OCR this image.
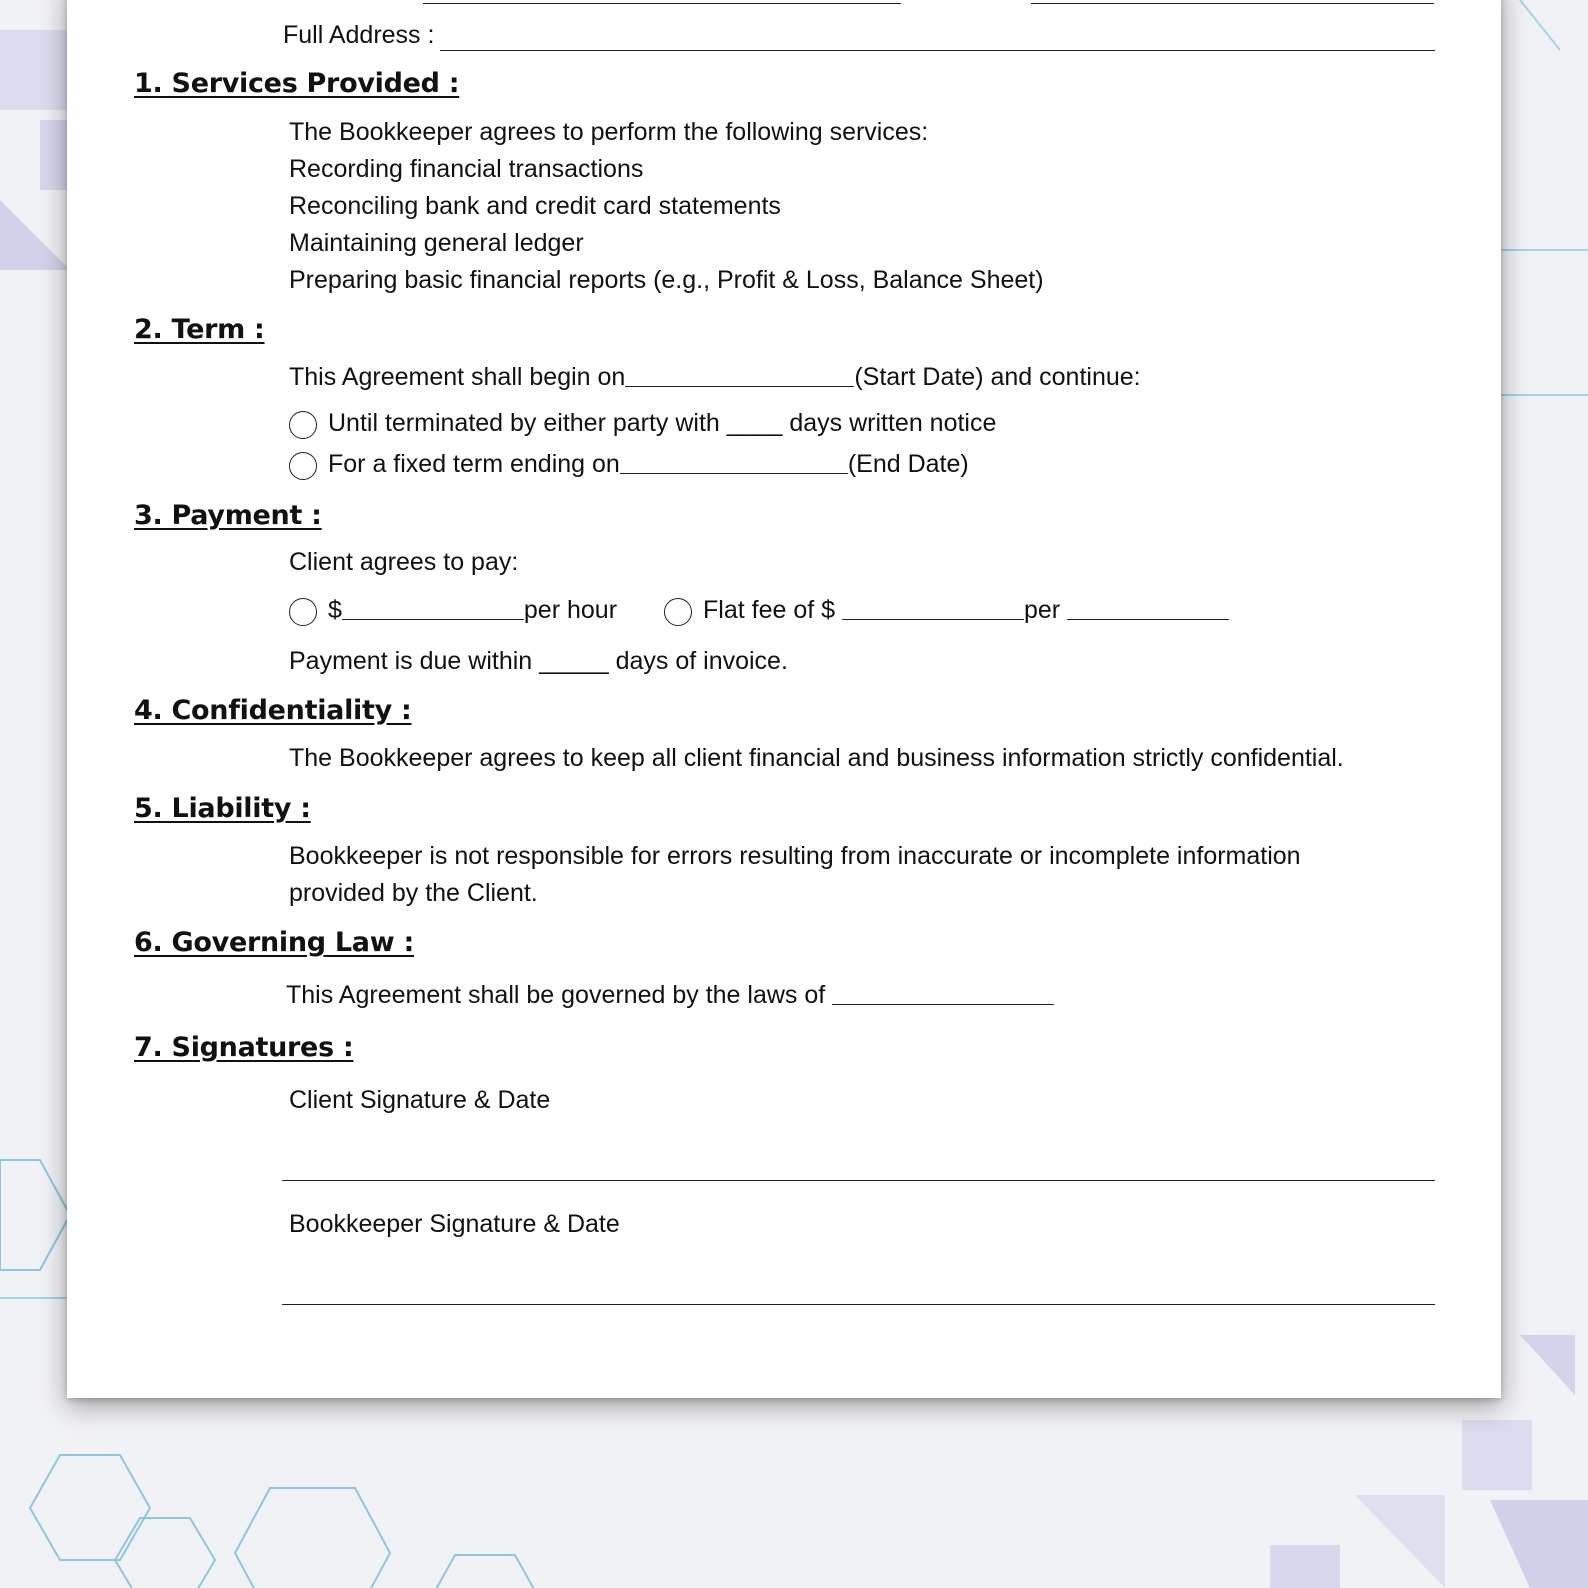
Full Address :
1. Services Provided :
The Bookkeeper agrees to perform the following services:
Recording financial transactions
Reconciling bank and credit card statements
Maintaining general ledger
Preparing basic financial reports (e.g., Profit & Loss, Balance Sheet)
2. Term :
This Agreement shall begin on	(Start Date) and continue:
Until terminated by either party with ____ days written notice
For a fixed term ending on	(End Date)
3. Payment :
Client agrees to pay:
$	per hour	Flat fee of $	per
Payment is due within _____ days of invoice.
4. Confidentiality :
The Bookkeeper agrees to keep all client financial and business information strictly confidential.
5. Liability :
Bookkeeper is not responsible for errors resulting from inaccurate or incomplete information
provided by the Client.
6. Governing Law :
This Agreement shall be governed by the laws of
7. Signatures :
Client Signature & Date
Bookkeeper Signature & Date
